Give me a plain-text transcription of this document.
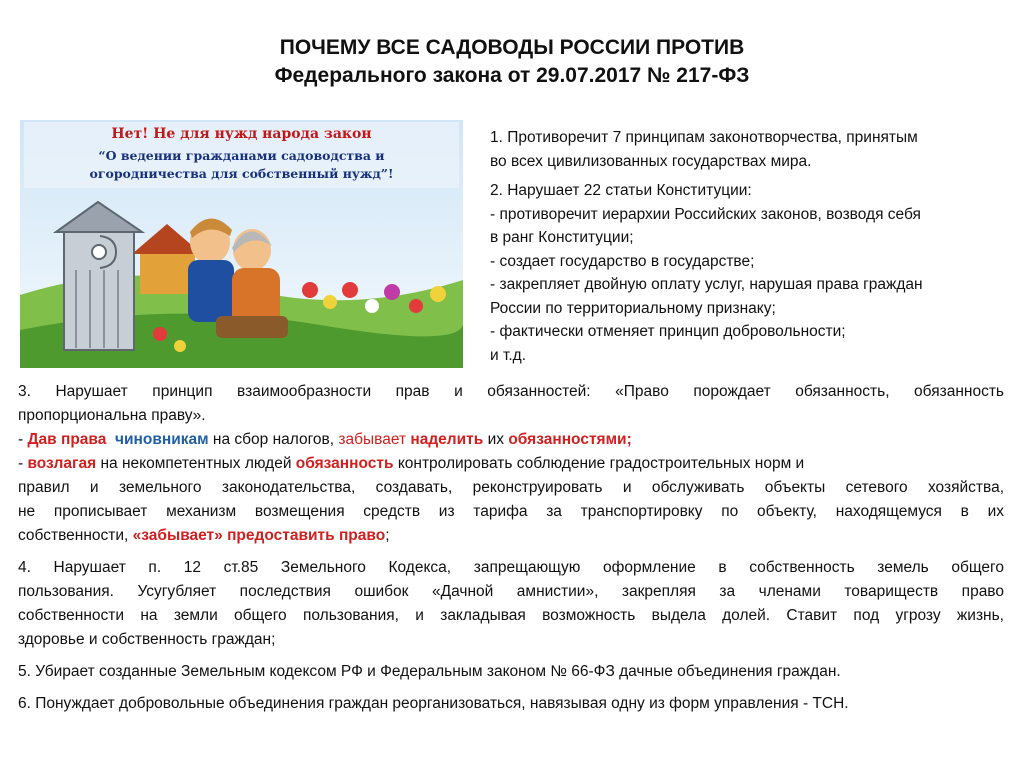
ПОЧЕМУ ВСЕ САДОВОДЫ РОССИИ ПРОТИВ
Федерального закона от 29.07.2017 № 217-ФЗ
Нет! Не для нужд народа закон
“О ведении гражданами садоводства и
огородничества для собственный нужд”!

1. Противоречит 7 принципам законотворчества, принятым
во всех цивилизованных государствах мира.

2. Нарушает 22 статьи Конституции:
- противоречит иерархии Российских законов, возводя себя
в ранг Конституции;
- создает государство в государстве;
- закрепляет двойную оплату услуг, нарушая права граждан
России по территориальному признаку;
- фактически отменяет принцип добровольности;
и т.д.

3. Нарушает принцип взаимообразности прав и обязанностей: «Право порождает обязанность, обязанность
пропорциональна праву».
- Дав права чиновникам на сбор налогов, забывает наделить их обязанностями;
- возлагая на некомпетентных людей обязанность контролировать соблюдение градостроительных норм и
правил и земельного законодательства, создавать, реконструировать и обслуживать объекты сетевого хозяйства,
не прописывает механизм возмещения средств из тарифа за транспортировку по объекту, находящемуся в их
собственности, «забывает» предоставить право;

4. Нарушает п. 12 ст.85 Земельного Кодекса, запрещающую оформление в собственность земель общего
пользования. Усугубляет последствия ошибок «Дачной амнистии», закрепляя за членами товариществ право
собственности на земли общего пользования, и закладывая возможность выдела долей. Ставит под угрозу жизнь,
здоровье и собственность граждан;

5. Убирает созданные Земельным кодексом РФ и Федеральным законом № 66-ФЗ дачные объединения граждан.

6. Понуждает добровольные объединения граждан реорганизоваться, навязывая одну из форм управления - ТСН.
